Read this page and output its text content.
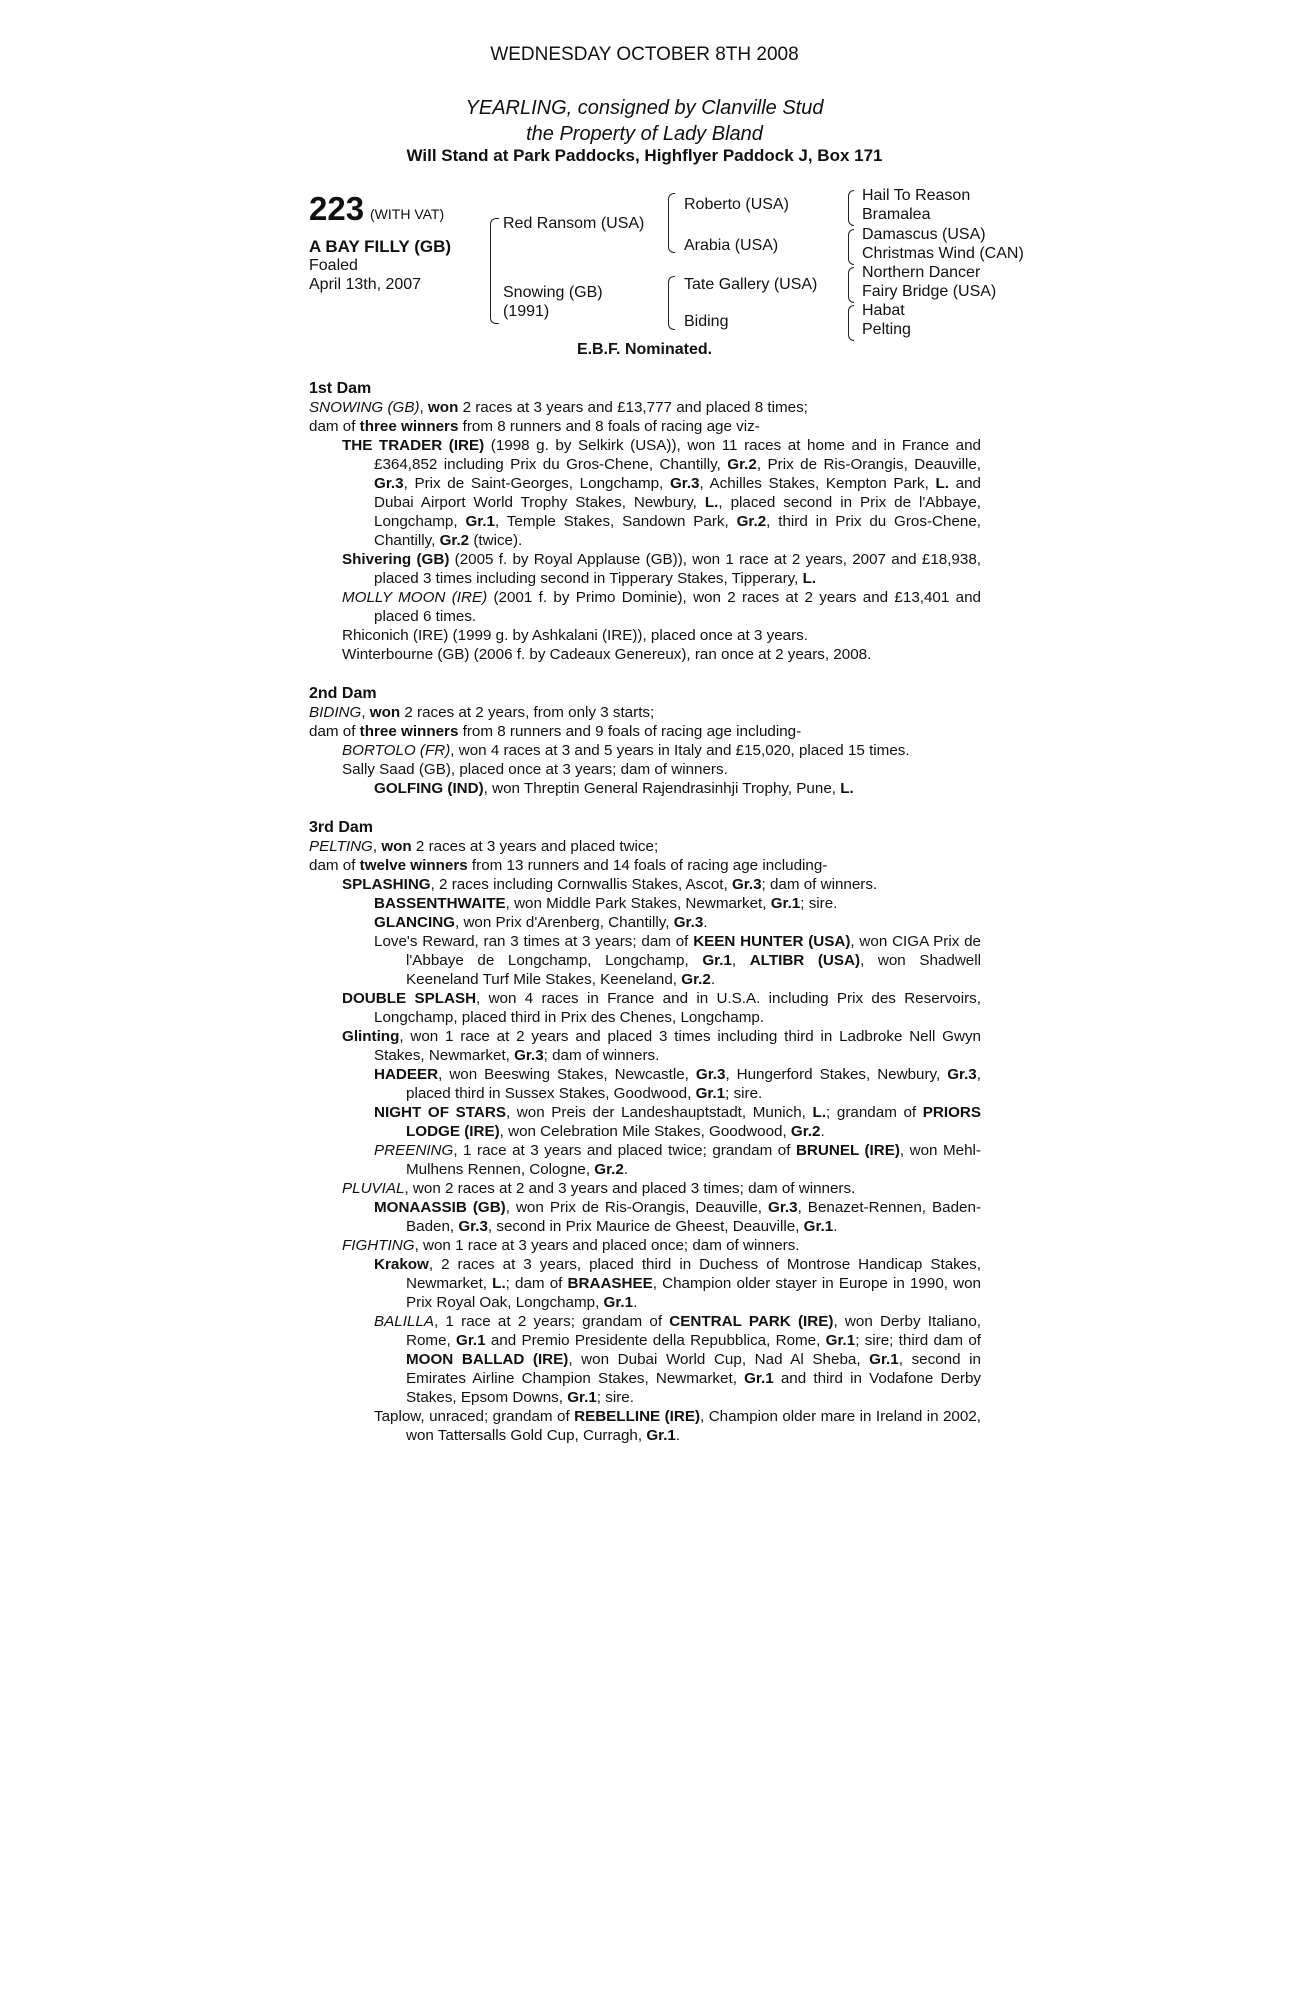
WEDNESDAY OCTOBER 8TH 2008
YEARLING, consigned by Clanville Stud
the Property of Lady Bland
Will Stand at Park Paddocks, Highflyer Paddock J, Box 171
223 (WITH VAT)
A BAY FILLY (GB)
Foaled
April 13th, 2007
Red Ransom (USA)
Snowing (GB)
(1991)
Roberto (USA)
Arabia (USA)
Tate Gallery (USA)
Biding
Hail To Reason
Bramalea
Damascus (USA)
Christmas Wind (CAN)
Northern Dancer
Fairy Bridge (USA)
Habat
Pelting
E.B.F. Nominated.
1st Dam
SNOWING (GB), won 2 races at 3 years and £13,777 and placed 8 times;
dam of three winners from 8 runners and 8 foals of racing age viz-
THE TRADER (IRE) (1998 g. by Selkirk (USA)), won 11 races at home and in France and £364,852 including Prix du Gros-Chene, Chantilly, Gr.2, Prix de Ris-Orangis, Deauville, Gr.3, Prix de Saint-Georges, Longchamp, Gr.3, Achilles Stakes, Kempton Park, L. and Dubai Airport World Trophy Stakes, Newbury, L., placed second in Prix de l'Abbaye, Longchamp, Gr.1, Temple Stakes, Sandown Park, Gr.2, third in Prix du Gros-Chene, Chantilly, Gr.2 (twice).
Shivering (GB) (2005 f. by Royal Applause (GB)), won 1 race at 2 years, 2007 and £18,938, placed 3 times including second in Tipperary Stakes, Tipperary, L.
MOLLY MOON (IRE) (2001 f. by Primo Dominie), won 2 races at 2 years and £13,401 and placed 6 times.
Rhiconich (IRE) (1999 g. by Ashkalani (IRE)), placed once at 3 years.
Winterbourne (GB) (2006 f. by Cadeaux Genereux), ran once at 2 years, 2008.
2nd Dam
BIDING, won 2 races at 2 years, from only 3 starts;
dam of three winners from 8 runners and 9 foals of racing age including-
BORTOLO (FR), won 4 races at 3 and 5 years in Italy and £15,020, placed 15 times.
Sally Saad (GB), placed once at 3 years; dam of winners.
GOLFING (IND), won Threptin General Rajendrasinhji Trophy, Pune, L.
3rd Dam
PELTING, won 2 races at 3 years and placed twice;
dam of twelve winners from 13 runners and 14 foals of racing age including-
SPLASHING, 2 races including Cornwallis Stakes, Ascot, Gr.3; dam of winners.
BASSENTHWAITE, won Middle Park Stakes, Newmarket, Gr.1; sire.
GLANCING, won Prix d'Arenberg, Chantilly, Gr.3.
Love's Reward, ran 3 times at 3 years; dam of KEEN HUNTER (USA), won CIGA Prix de l'Abbaye de Longchamp, Longchamp, Gr.1, ALTIBR (USA), won Shadwell Keeneland Turf Mile Stakes, Keeneland, Gr.2.
DOUBLE SPLASH, won 4 races in France and in U.S.A. including Prix des Reservoirs, Longchamp, placed third in Prix des Chenes, Longchamp.
Glinting, won 1 race at 2 years and placed 3 times including third in Ladbroke Nell Gwyn Stakes, Newmarket, Gr.3; dam of winners.
HADEER, won Beeswing Stakes, Newcastle, Gr.3, Hungerford Stakes, Newbury, Gr.3, placed third in Sussex Stakes, Goodwood, Gr.1; sire.
NIGHT OF STARS, won Preis der Landeshauptstadt, Munich, L.; grandam of PRIORS LODGE (IRE), won Celebration Mile Stakes, Goodwood, Gr.2.
PREENING, 1 race at 3 years and placed twice; grandam of BRUNEL (IRE), won Mehl-Mulhens Rennen, Cologne, Gr.2.
PLUVIAL, won 2 races at 2 and 3 years and placed 3 times; dam of winners.
MONAASSIB (GB), won Prix de Ris-Orangis, Deauville, Gr.3, Benazet-Rennen, Baden-Baden, Gr.3, second in Prix Maurice de Gheest, Deauville, Gr.1.
FIGHTING, won 1 race at 3 years and placed once; dam of winners.
Krakow, 2 races at 3 years, placed third in Duchess of Montrose Handicap Stakes, Newmarket, L.; dam of BRAASHEE, Champion older stayer in Europe in 1990, won Prix Royal Oak, Longchamp, Gr.1.
BALILLA, 1 race at 2 years; grandam of CENTRAL PARK (IRE), won Derby Italiano, Rome, Gr.1 and Premio Presidente della Repubblica, Rome, Gr.1; sire; third dam of MOON BALLAD (IRE), won Dubai World Cup, Nad Al Sheba, Gr.1, second in Emirates Airline Champion Stakes, Newmarket, Gr.1 and third in Vodafone Derby Stakes, Epsom Downs, Gr.1; sire.
Taplow, unraced; grandam of REBELLINE (IRE), Champion older mare in Ireland in 2002, won Tattersalls Gold Cup, Curragh, Gr.1.
